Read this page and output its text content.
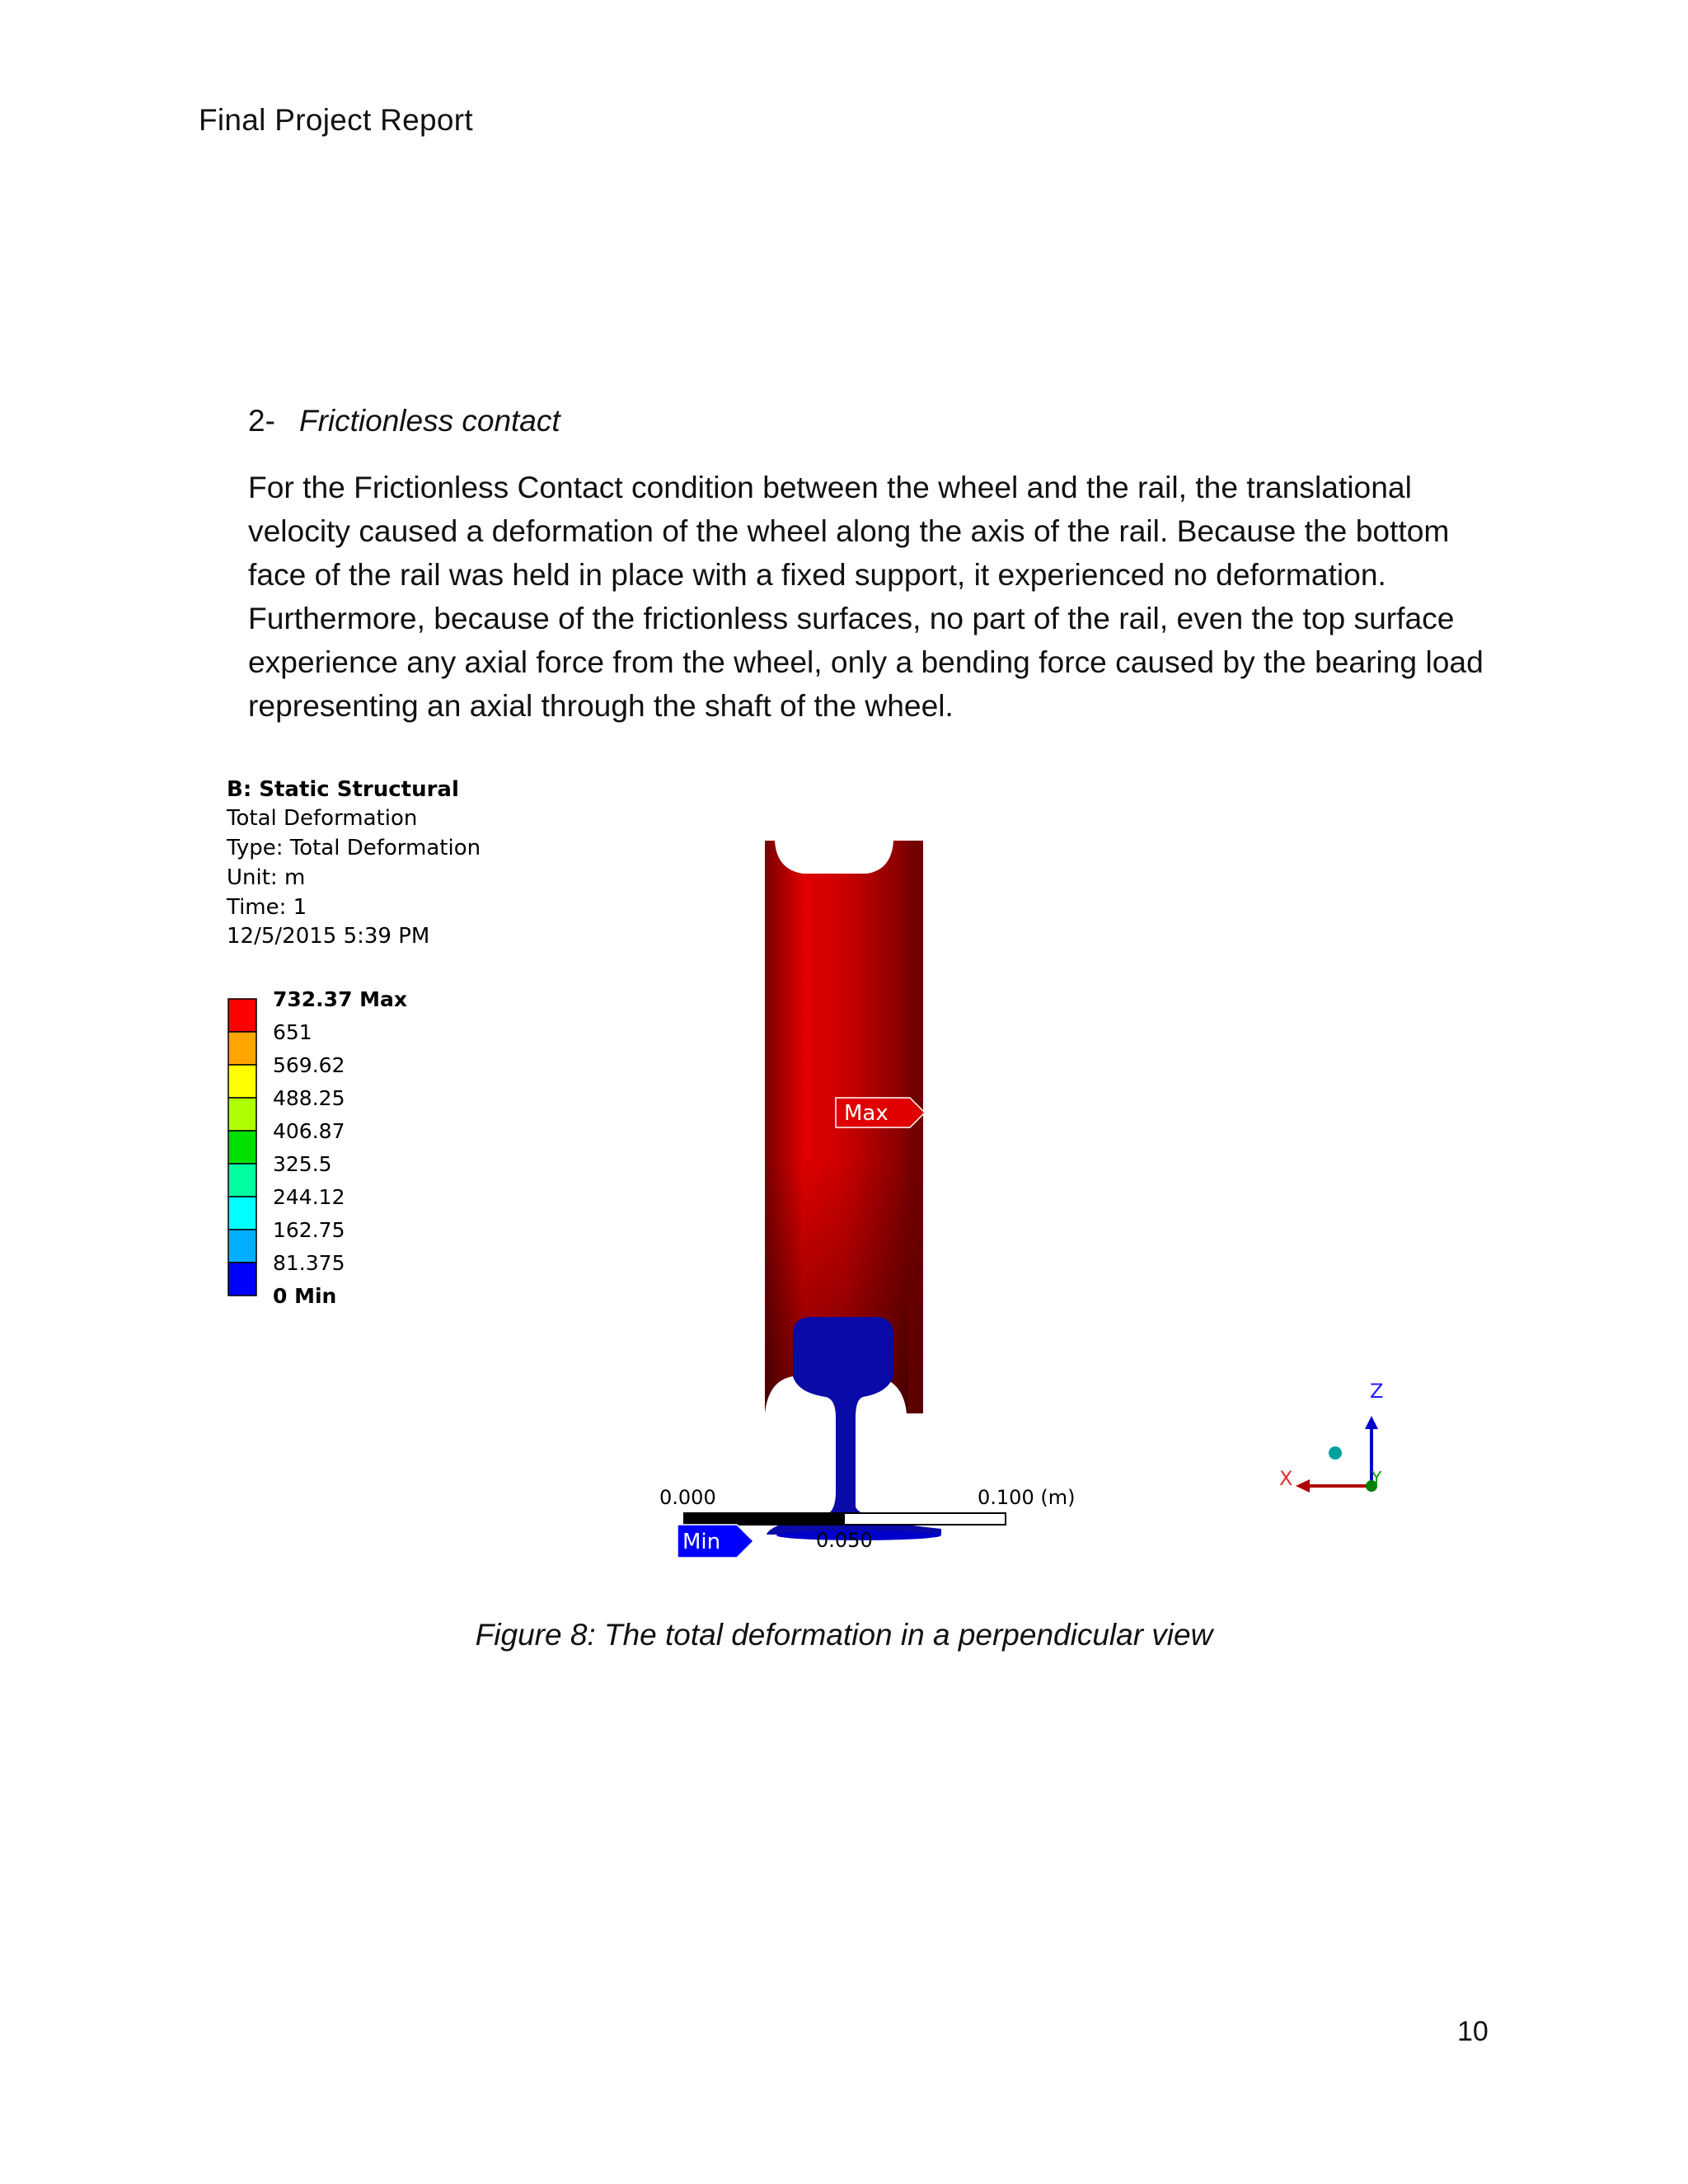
Final Project Report
2- Frictionless contact

For the Frictionless Contact condition between the wheel and the rail, the translational velocity caused a deformation of the wheel along the axis of the rail. Because the bottom face of the rail was held in place with a fixed support, it experienced no deformation. Furthermore, because of the frictionless surfaces, no part of the rail, even the top surface experience any axial force from the wheel, only a bending force caused by the bearing load representing an axial through the shaft of the wheel.

B: Static Structural
Total Deformation
Type: Total Deformation
Unit: m
Time: 1
12/5/2015 5:39 PM
732.37 Max
651
569.62
488.25
406.87
325.5
244.12
162.75
81.375
0 Min
0.000	0.100 (m)
0.050
Max
Min
Z
X	Y
Figure 8: The total deformation in a perpendicular view
10
